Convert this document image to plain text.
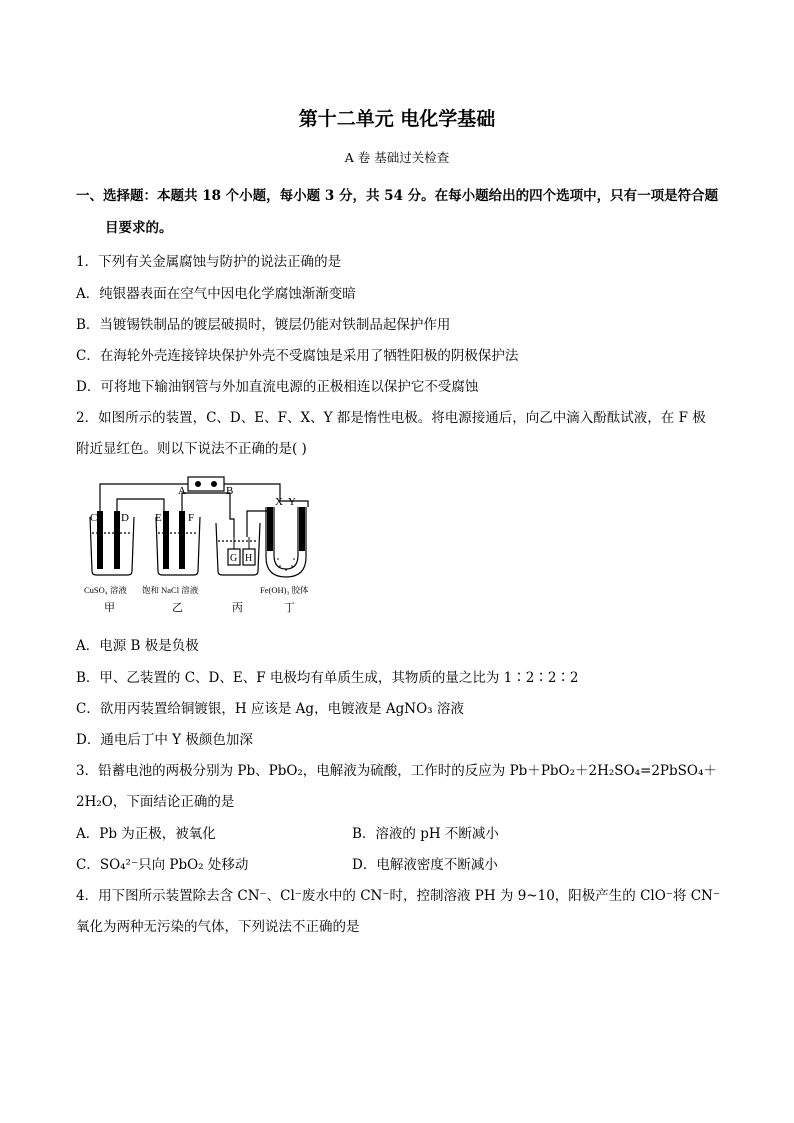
第十二单元 电化学基础
A 卷 基础过关检查
一、选择题：本题共 18 个小题，每小题 3 分，共 54 分。在每小题给出的四个选项中，只有一项是符合题
目要求的。
1．下列有关金属腐蚀与防护的说法正确的是
A．纯银器表面在空气中因电化学腐蚀渐渐变暗
B．当镀锡铁制品的镀层破损时，镀层仍能对铁制品起保护作用
C．在海轮外壳连接锌块保护外壳不受腐蚀是采用了牺牲阳极的阴极保护法
D．可将地下输油钢管与外加直流电源的正极相连以保护它不受腐蚀
2．如图所示的装置，C、D、E、F、X、Y 都是惰性电极。将电源接通后，向乙中滴入酚酞试液，在 F 极
附近显红色。则以下说法不正确的是( )
A	B
C D E F
G H
X Y
CuSO₄ 溶液 饱和 NaCl 溶液	Fe(OH)₃ 胶体
甲	乙	丙	丁
A．电源 B 极是负极
B．甲、乙装置的 C、D、E、F 电极均有单质生成，其物质的量之比为 1∶2∶2∶2
C．欲用丙装置给铜镀银，H 应该是 Ag，电镀液是 AgNO₃ 溶液
D．通电后丁中 Y 极颜色加深
3．铅蓄电池的两极分别为 Pb、PbO₂，电解液为硫酸，工作时的反应为 Pb＋PbO₂＋2H₂SO₄=2PbSO₄＋
2H₂O，下面结论正确的是
A．Pb 为正极，被氧化	B．溶液的 pH 不断减小
C．SO₄²⁻只向 PbO₂ 处移动	D．电解液密度不断减小
4．用下图所示装置除去含 CN⁻、Cl⁻废水中的 CN⁻时，控制溶液 PH 为 9~10，阳极产生的 ClO⁻将 CN⁻
氧化为两种无污染的气体，下列说法不正确的是
